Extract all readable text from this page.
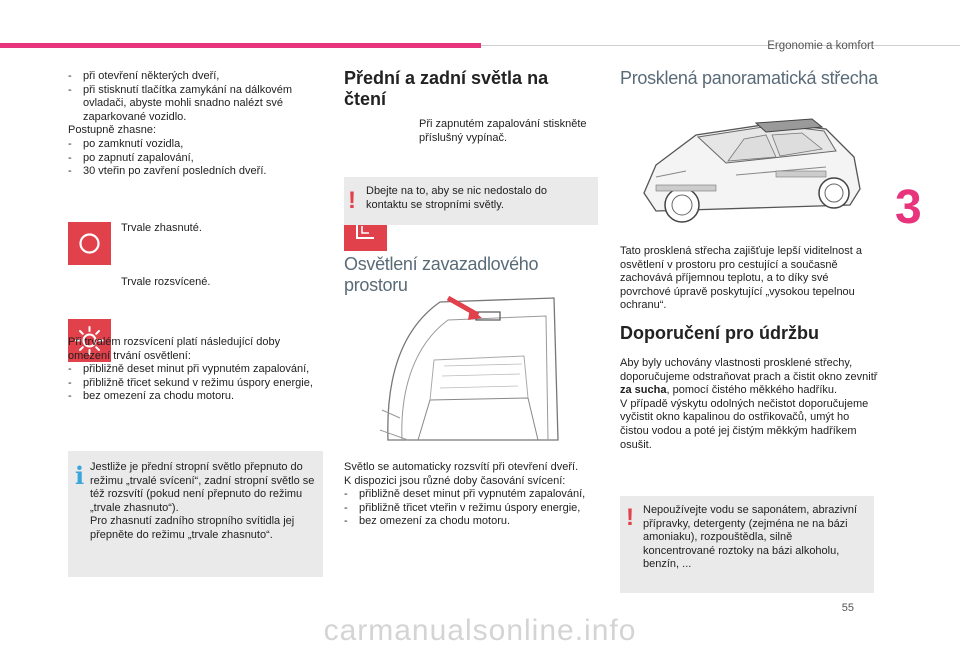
Ergonomie a komfort
3
55
carmanualsonline.info
-	při otevření některých dveří,
-	při stisknutí tlačítka zamykání na dálkovém ovladači, abyste mohli snadno nalézt své zaparkované vozidlo.

Postupně zhasne:

-	po zamknutí vozidla,
-	po zapnutí zapalování,
-	30 vteřin po zavření posledních dveří.
Trvale zhasnuté.
Trvale rozsvícené.

Při trvalém rozsvícení platí následující doby omezení trvání osvětlení:

-	přibližně deset minut při vypnutém zapalování,
-	přibližně třicet sekund v režimu úspory energie,
-	bez omezení za chodu motoru.
i Jestliže je přední stropní světlo přepnuto do režimu „trvalé svícení“, zadní stropní světlo se též rozsvítí (pokud není přepnuto do režimu „trvale zhasnuto“).
Pro zhasnutí zadního stropního svítidla jej přepněte do režimu „trvale zhasnuto“.

Přední a zadní světla na čtení
Při zapnutém zapalování stiskněte příslušný vypínač.
! Dbejte na to, aby se nic nedostalo do kontaktu se stropními světly.

Osvětlení zavazadlového prostoru

Světlo se automaticky rozsvítí při otevření dveří.
K dispozici jsou různé doby časování svícení:

-	přibližně deset minut při vypnutém zapalování,
-	přibližně třicet vteřin v režimu úspory energie,
-	bez omezení za chodu motoru.
Prosklená panoramatická střecha

Tato prosklená střecha zajišťuje lepší viditelnost a osvětlení v prostoru pro cestující a současně zachovává příjemnou teplotu, a to díky své povrchové úpravě poskytující „vysokou tepelnou ochranu“.

Doporučení pro údržbu

Aby byly uchovány vlastnosti prosklené střechy, doporučujeme odstraňovat prach a čistit okno zevnitř za sucha, pomocí čistého měkkého hadříku.

V případě výskytu odolných nečistot doporučujeme vyčistit okno kapalinou do ostřikovačů, umýt ho čistou vodou a poté jej čistým měkkým hadříkem osušit.

! Nepoužívejte vodu se saponátem, abrazivní přípravky, detergenty (zejména ne na bázi amoniaku), rozpouštědla, silně koncentrované roztoky na bázi alkoholu, benzín, ...
